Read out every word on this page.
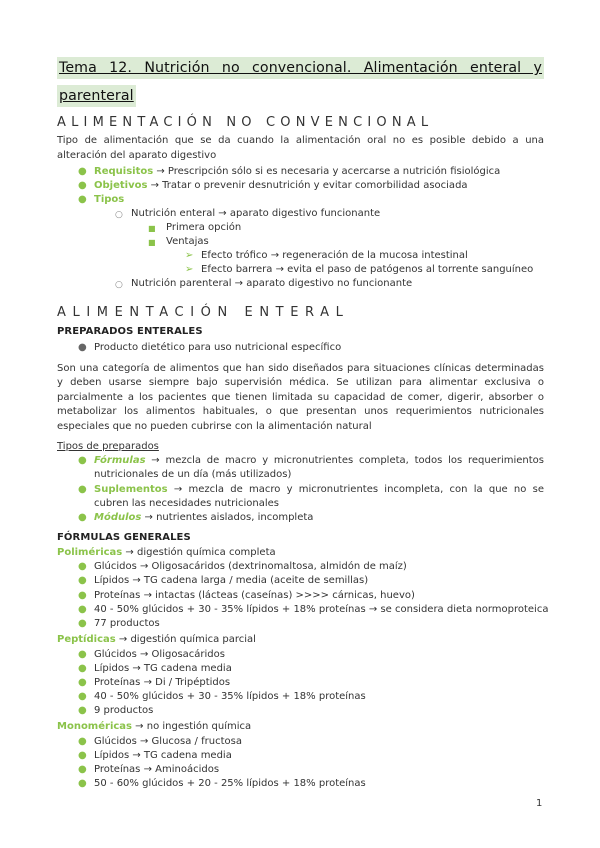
Tema 12. Nutrición no convencional. Alimentación enteral y
parenteral
ALIMENTACIÓN NO CONVENCIONAL
Tipo de alimentación que se da cuando la alimentación oral no es posible debido a una alteración del aparato digestivo
● Requisitos → Prescripción sólo si es necesaria y acercarse a nutrición fisiológica
● Objetivos → Tratar o prevenir desnutrición y evitar comorbilidad asociada
● Tipos
○ Nutrición enteral → aparato digestivo funcionante
■ Primera opción
■ Ventajas
➢ Efecto trófico → regeneración de la mucosa intestinal
➢ Efecto barrera → evita el paso de patógenos al torrente sanguíneo
○ Nutrición parenteral → aparato digestivo no funcionante
ALIMENTACIÓN ENTERAL
PREPARADOS ENTERALES
● Producto dietético para uso nutricional específico
Son una categoría de alimentos que han sido diseñados para situaciones clínicas determinadas y deben usarse siempre bajo supervisión médica. Se utilizan para alimentar exclusiva o parcialmente a los pacientes que tienen limitada su capacidad de comer, digerir, absorber o metabolizar los alimentos habituales, o que presentan unos requerimientos nutricionales especiales que no pueden cubrirse con la alimentación natural
Tipos de preparados
● Fórmulas → mezcla de macro y micronutrientes completa, todos los requerimientos nutricionales de un día (más utilizados)
● Suplementos → mezcla de macro y micronutrientes incompleta, con la que no se cubren las necesidades nutricionales
● Módulos → nutrientes aislados, incompleta
FÓRMULAS GENERALES
Poliméricas → digestión química completa
● Glúcidos → Oligosacáridos (dextrinomaltosa, almidón de maíz)
● Lípidos → TG cadena larga / media (aceite de semillas)
● Proteínas → intactas (lácteas (caseínas) >>>> cárnicas, huevo)
● 40 - 50% glúcidos + 30 - 35% lípidos + 18% proteínas → se considera dieta normoproteica
● 77 productos
Peptídicas → digestión química parcial
● Glúcidos → Oligosacáridos
● Lípidos → TG cadena media
● Proteínas → Di / Tripéptidos
● 40 - 50% glúcidos + 30 - 35% lípidos + 18% proteínas
● 9 productos
Monoméricas → no ingestión química
● Glúcidos → Glucosa / fructosa
● Lípidos → TG cadena media
● Proteínas → Aminoácidos
● 50 - 60% glúcidos + 20 - 25% lípidos + 18% proteínas
1
